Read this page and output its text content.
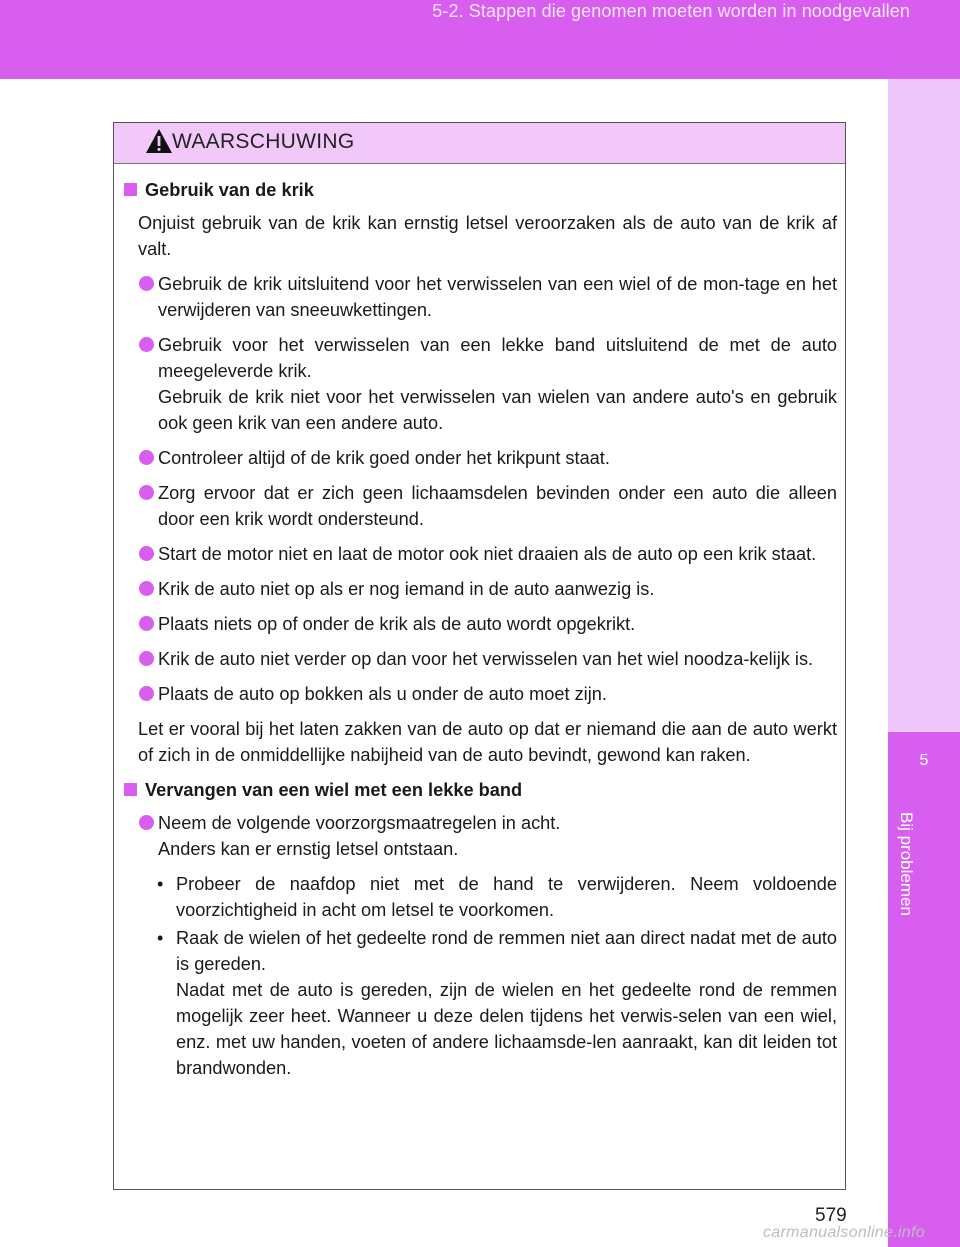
5-2. Stappen die genomen moeten worden in noodgevallen
5
Bij problemen
WAARSCHUWING
Gebruik van de krik
Onjuist gebruik van de krik kan ernstig letsel veroorzaken als de auto van de krik af valt.
Gebruik de krik uitsluitend voor het verwisselen van een wiel of de mon-tage en het verwijderen van sneeuwkettingen.
Gebruik voor het verwisselen van een lekke band uitsluitend de met de auto meegeleverde krik.
Gebruik de krik niet voor het verwisselen van wielen van andere auto's en gebruik ook geen krik van een andere auto.
Controleer altijd of de krik goed onder het krikpunt staat.
Zorg ervoor dat er zich geen lichaamsdelen bevinden onder een auto die alleen door een krik wordt ondersteund.
Start de motor niet en laat de motor ook niet draaien als de auto op een krik staat.
Krik de auto niet op als er nog iemand in de auto aanwezig is.
Plaats niets op of onder de krik als de auto wordt opgekrikt.
Krik de auto niet verder op dan voor het verwisselen van het wiel noodza-kelijk is.
Plaats de auto op bokken als u onder de auto moet zijn.
Let er vooral bij het laten zakken van de auto op dat er niemand die aan de auto werkt of zich in de onmiddellijke nabijheid van de auto bevindt, gewond kan raken.
Vervangen van een wiel met een lekke band
Neem de volgende voorzorgsmaatregelen in acht.
Anders kan er ernstig letsel ontstaan.
• Probeer de naafdop niet met de hand te verwijderen. Neem voldoende voorzichtigheid in acht om letsel te voorkomen.
• Raak de wielen of het gedeelte rond de remmen niet aan direct nadat met de auto is gereden.
Nadat met de auto is gereden, zijn de wielen en het gedeelte rond de remmen mogelijk zeer heet. Wanneer u deze delen tijdens het verwis-selen van een wiel, enz. met uw handen, voeten of andere lichaamsde-len aanraakt, kan dit leiden tot brandwonden.
579
carmanualsonline.info
